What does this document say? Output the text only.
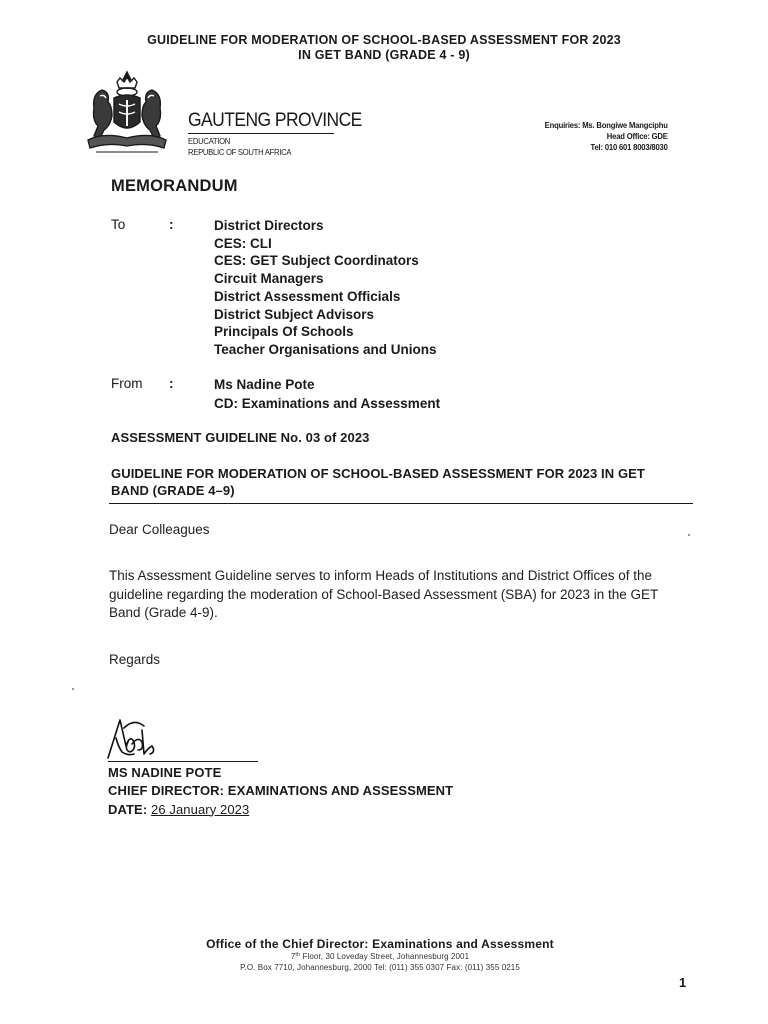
GUIDELINE FOR MODERATION OF SCHOOL-BASED ASSESSMENT FOR 2023
IN GET BAND (GRADE 4 - 9)
GAUTENG PROVINCE
EDUCATION
REPUBLIC OF SOUTH AFRICA
Enquiries: Ms. Bongiwe Mangciphu
Head Office: GDE
Tel: 010 601 8003/8030
MEMORANDUM
To	:	District Directors
CES: CLI
CES: GET Subject Coordinators
Circuit Managers
District Assessment Officials
District Subject Advisors
Principals Of Schools
Teacher Organisations and Unions
From :	Ms Nadine Pote
CD: Examinations and Assessment
ASSESSMENT GUIDELINE No. 03 of 2023
GUIDELINE FOR MODERATION OF SCHOOL-BASED ASSESSMENT FOR 2023 IN GET
BAND (GRADE 4–9)
Dear Colleagues
This Assessment Guideline serves to inform Heads of Institutions and District Offices of the
guideline regarding the moderation of School-Based Assessment (SBA) for 2023 in the GET
Band (Grade 4-9).
Regards
MS NADINE POTE
CHIEF DIRECTOR: EXAMINATIONS AND ASSESSMENT
DATE: 26 January 2023
Office of the Chief Director: Examinations and Assessment
7th Floor, 30 Loveday Street, Johannesburg 2001
P.O. Box 7710, Johannesburg, 2000 Tel: (011) 355 0307 Fax: (011) 355 0215
1
